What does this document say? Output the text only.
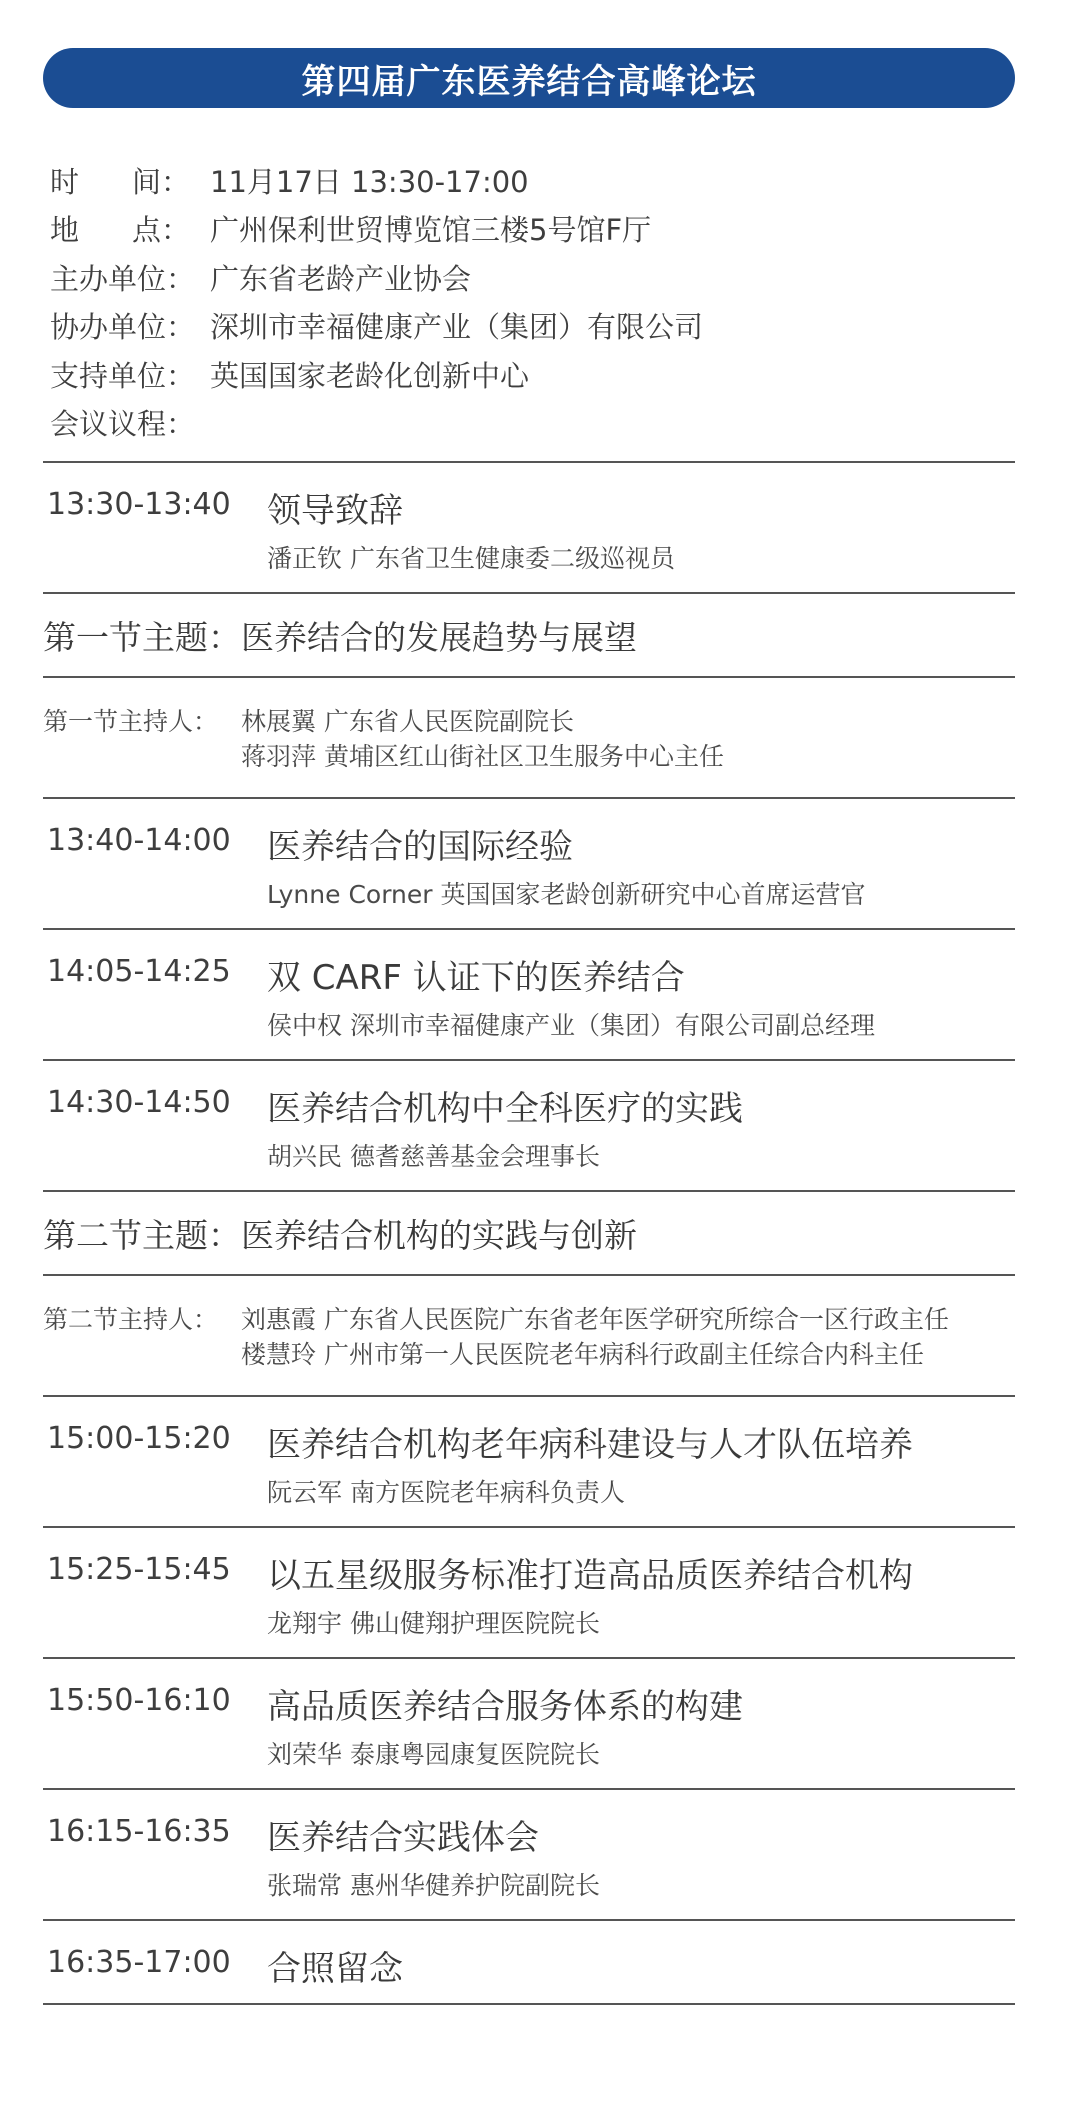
第四届广东医养结合高峰论坛
时 间： 11月17日 13:30-17:00
地 点： 广州保利世贸博览馆三楼5号馆F厅
主办单位： 广东省老龄产业协会
协办单位： 深圳市幸福健康产业（集团）有限公司
支持单位： 英国国家老龄化创新中心
会议议程：
13:30-13:40 领导致辞
潘正钦 广东省卫生健康委二级巡视员
第一节主题：医养结合的发展趋势与展望
第一节主持人： 林展翼 广东省人民医院副院长
蒋羽萍 黄埔区红山街社区卫生服务中心主任
13:40-14:00 医养结合的国际经验
Lynne Corner 英国国家老龄创新研究中心首席运营官
14:05-14:25 双 CARF 认证下的医养结合
侯中权 深圳市幸福健康产业（集团）有限公司副总经理
14:30-14:50 医养结合机构中全科医疗的实践
胡兴民 德耆慈善基金会理事长
第二节主题：医养结合机构的实践与创新
第二节主持人： 刘惠霞 广东省人民医院广东省老年医学研究所综合一区行政主任
楼慧玲 广州市第一人民医院老年病科行政副主任综合内科主任
15:00-15:20 医养结合机构老年病科建设与人才队伍培养
阮云军 南方医院老年病科负责人
15:25-15:45 以五星级服务标准打造高品质医养结合机构
龙翔宇 佛山健翔护理医院院长
15:50-16:10 高品质医养结合服务体系的构建
刘荣华 泰康粤园康复医院院长
16:15-16:35 医养结合实践体会
张瑞常 惠州华健养护院副院长
16:35-17:00 合照留念
